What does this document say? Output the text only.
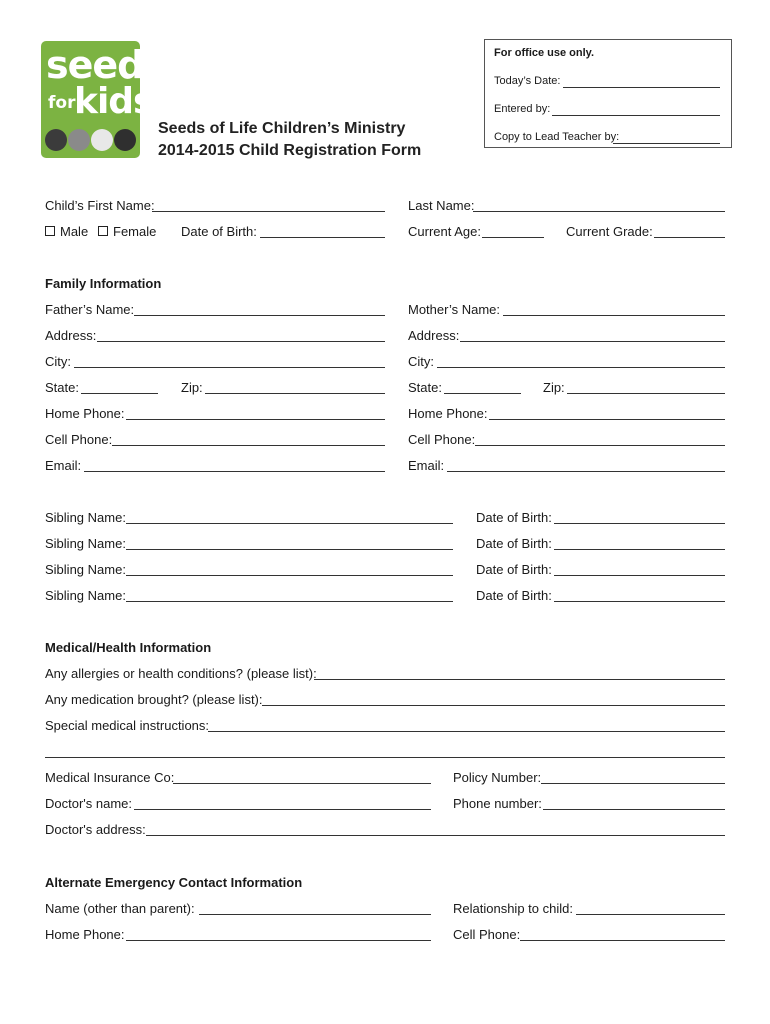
seeds
for
kids!
Seeds of Life Children’s Ministry
2014-2015 Child Registration Form
For office use only.
Today’s Date:
Entered by:
Copy to Lead Teacher by:
Child’s First Name:	Last Name:
Male	Female Date of Birth:	Current Age:	Current Grade:
Family Information
Father’s Name:	Mother’s Name:
Address:	Address:
City:	City:
State:	Zip:	State:	Zip:
Home Phone:	Home Phone:
Cell Phone:	Cell Phone:
Email:	Email:
Sibling Name:	Date of Birth:
Sibling Name:	Date of Birth:
Sibling Name:	Date of Birth:
Sibling Name:	Date of Birth:
Medical/Health Information
Any allergies or health conditions? (please list):
Any medication brought? (please list):
Special medical instructions:
Medical Insurance Co:	Policy Number:
Doctor's name:	Phone number:
Doctor's address:
Alternate Emergency Contact Information
Name (other than parent):	Relationship to child:
Home Phone:	Cell Phone:
